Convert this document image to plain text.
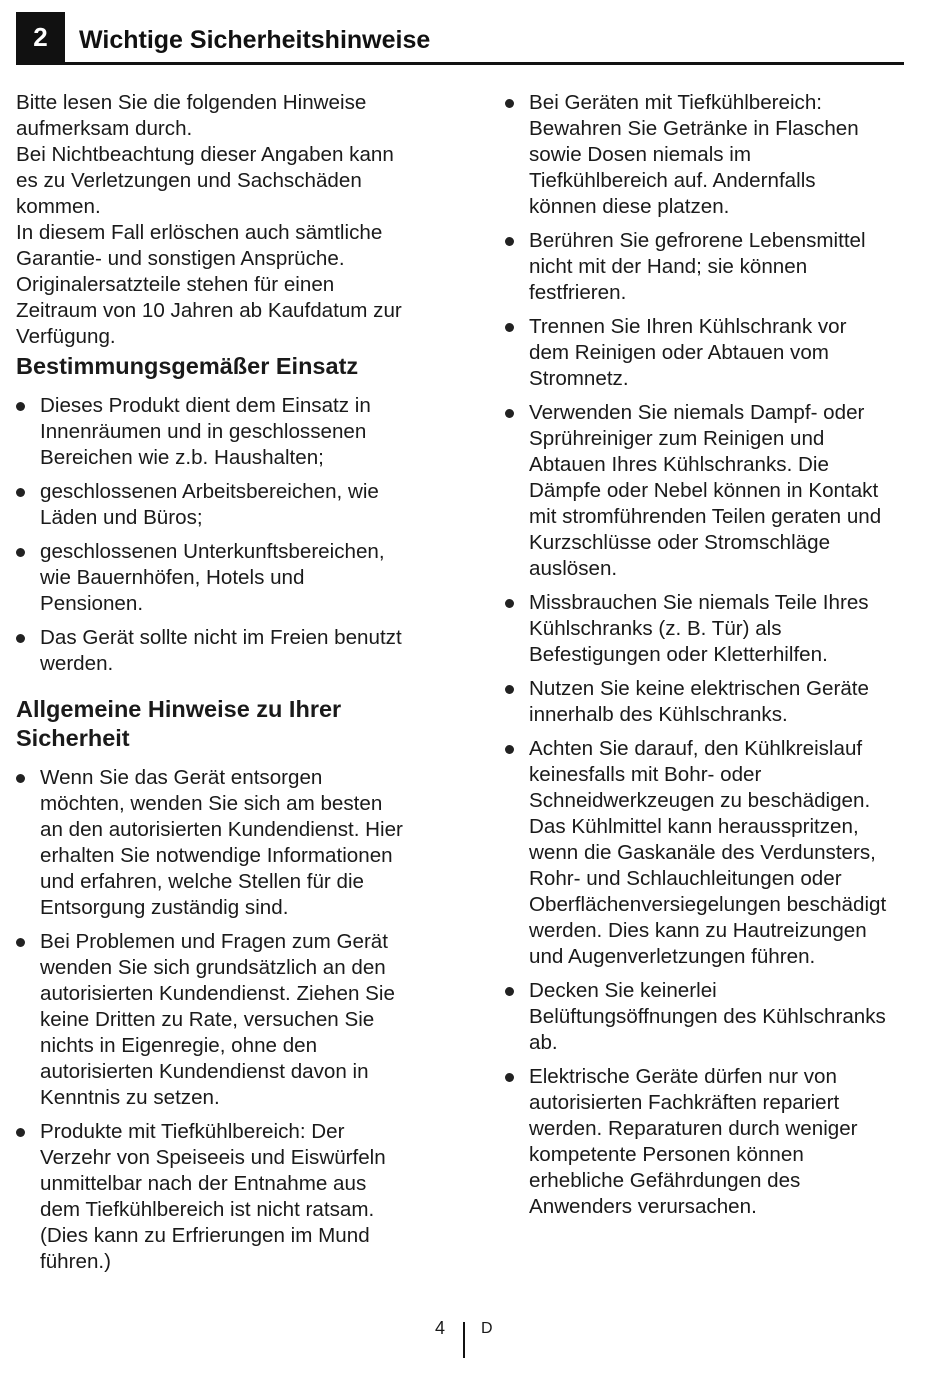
2	Wichtige Sicherheitshinweise

Bitte lesen Sie die folgenden Hinweise
aufmerksam durch.
Bei Nichtbeachtung dieser Angaben kann
es zu Verletzungen und Sachschäden
kommen.
In diesem Fall erlöschen auch sämtliche
Garantie- und sonstigen Ansprüche.
Originalersatzteile stehen für einen
Zeitraum von 10 Jahren ab Kaufdatum zur
Verfügung.

Bestimmungsgemäßer Einsatz
Dieses Produkt dient dem Einsatz in
Innenräumen und in geschlossenen
Bereichen wie z.b. Haushalten;
geschlossenen Arbeitsbereichen, wie
Läden und Büros;
geschlossenen Unterkunftsbereichen,
wie Bauernhöfen, Hotels und
Pensionen.
Das Gerät sollte nicht im Freien benutzt
werden.
Allgemeine Hinweise zu Ihrer
Sicherheit
Wenn Sie das Gerät entsorgen
möchten, wenden Sie sich am besten
an den autorisierten Kundendienst. Hier
erhalten Sie notwendige Informationen
und erfahren, welche Stellen für die
Entsorgung zuständig sind.
Bei Problemen und Fragen zum Gerät
wenden Sie sich grundsätzlich an den
autorisierten Kundendienst. Ziehen Sie
keine Dritten zu Rate, versuchen Sie
nichts in Eigenregie, ohne den
autorisierten Kundendienst davon in
Kenntnis zu setzen.
Produkte mit Tiefkühlbereich: Der
Verzehr von Speiseeis und Eiswürfeln
unmittelbar nach der Entnahme aus
dem Tiefkühlbereich ist nicht ratsam.
(Dies kann zu Erfrierungen im Mund
führen.)
Bei Geräten mit Tiefkühlbereich:
Bewahren Sie Getränke in Flaschen
sowie Dosen niemals im
Tiefkühlbereich auf. Andernfalls
können diese platzen.
Berühren Sie gefrorene Lebensmittel
nicht mit der Hand; sie können
festfrieren.
Trennen Sie Ihren Kühlschrank vor
dem Reinigen oder Abtauen vom
Stromnetz.
Verwenden Sie niemals Dampf- oder
Sprühreiniger zum Reinigen und
Abtauen Ihres Kühlschranks. Die
Dämpfe oder Nebel können in Kontakt
mit stromführenden Teilen geraten und
Kurzschlüsse oder Stromschläge
auslösen.
Missbrauchen Sie niemals Teile Ihres
Kühlschranks (z. B. Tür) als
Befestigungen oder Kletterhilfen.
Nutzen Sie keine elektrischen Geräte
innerhalb des Kühlschranks.
Achten Sie darauf, den Kühlkreislauf
keinesfalls mit Bohr- oder
Schneidwerkzeugen zu beschädigen.
Das Kühlmittel kann herausspritzen,
wenn die Gaskanäle des Verdunsters,
Rohr- und Schlauchleitungen oder
Oberflächenversiegelungen beschädigt
werden. Dies kann zu Hautreizungen
und Augenverletzungen führen.
Decken Sie keinerlei
Belüftungsöffnungen des Kühlschranks
ab.
Elektrische Geräte dürfen nur von
autorisierten Fachkräften repariert
werden. Reparaturen durch weniger
kompetente Personen können
erhebliche Gefährdungen des
Anwenders verursachen.
4 D
